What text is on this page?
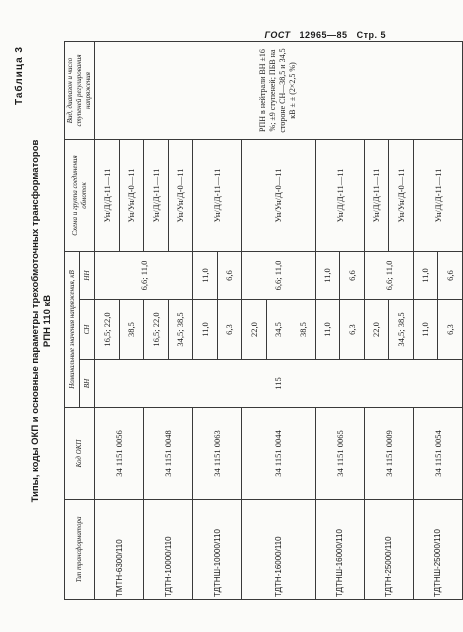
ГОСТ 12965—85 Стр. 5
Таблица 3
Типы, коды ОКП и основные параметры трехобмоточных трансформаторов РПН 110 кВ
Тип трансформатора	Код ОКП	Номинальные значения напряжения, кВ			Схема и группа соединения обмоток	Вид, диапазон и число ступеней регулирования напряжения
		ВН	СН	НН		
ТМТН-6300/110	34 1151 0056	115	16,5; 22,0	6,6; 11,0	Ун/Д/Д-11—11	РПН в нейтрали ВН ±16 %; ±9 ступеней; ПБВ на стороне СН—38,5 и 34,5 кВ ± ± (2×2,5 %)
			38,5		Ун/Ун/Д-0—11	
ТДТН-10000/110	34 1151 0048		16,5; 22,0		Ун/Д/Д-11—11	
			34,5; 38,5		Ун/Ун/Д-0—11	
ТДТНШ-10000/110	34 1151 0063		11,0	11,0	Ун/Д/Д-11—11	
			6,3	6,6		
ТДТН-16000/110	34 1151 0044		22,0	6,6; 11,0	Ун/Ун/Д-0—11	
			34,5			
			38,5			
ТДТНШ-16000/110	34 1151 0065		11,0	11,0	Ун/Д/Д-11—11	
			6,3	6,6		
ТДТН-25000/110	34 1151 0009		22,0	6,6; 11,0	Ун/Д/Д-11—11	
			34,5; 38,5		Ун/Ун/Д-0—11	
ТДТНШ-25000/110	34 1151 0054		11,0	11,0	Ун/Д/Д-11—11	
			6,3	6,6		
